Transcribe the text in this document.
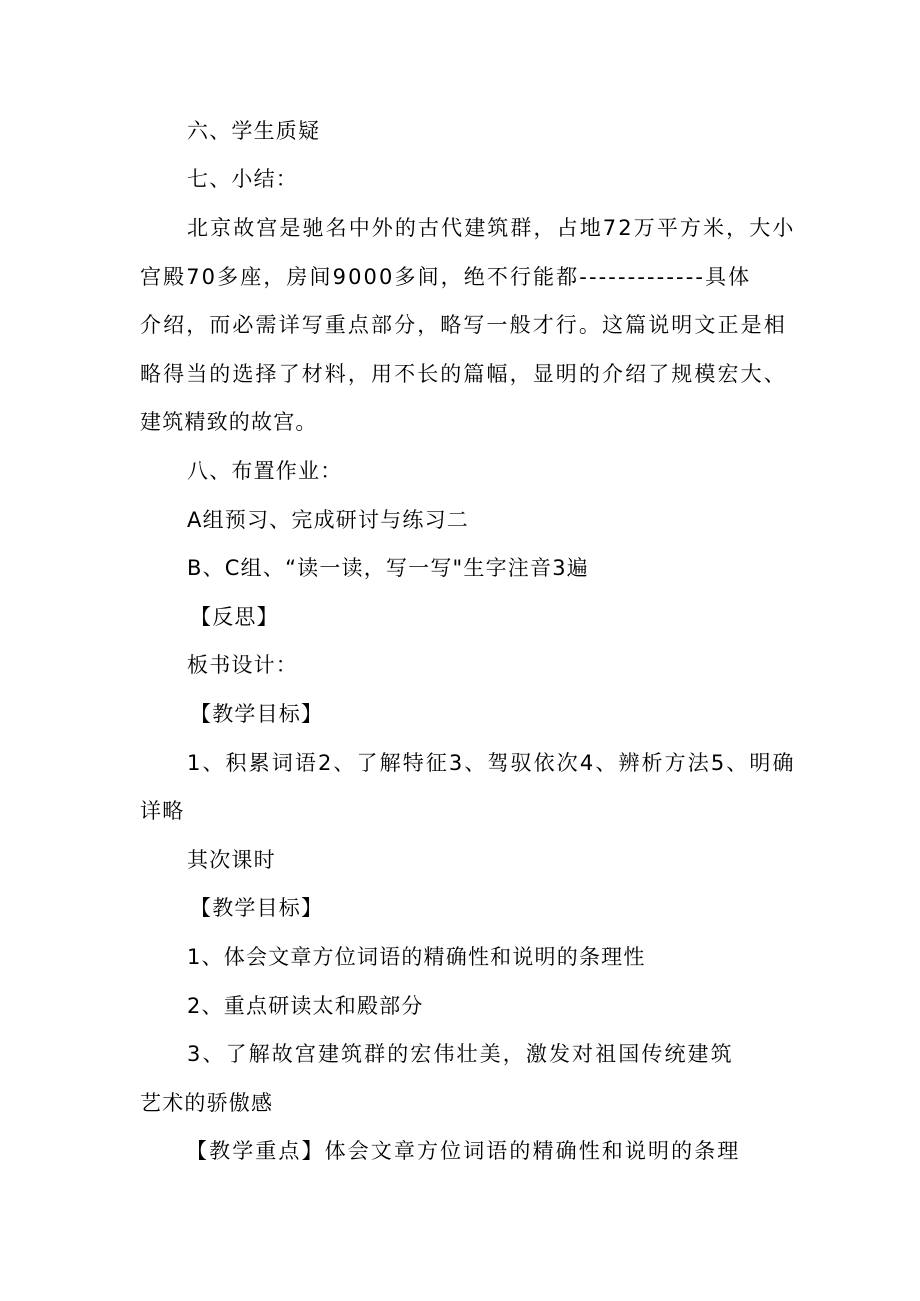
六、学生质疑
七、小结：
北京故宫是驰名中外的古代建筑群，占地72万平方米，大小
宫殿70多座，房间9000多间，绝不行能都-------------具体
介绍，而必需详写重点部分，略写一般才行。这篇说明文正是相
略得当的选择了材料，用不长的篇幅，显明的介绍了规模宏大、
建筑精致的故宫。
八、布置作业：
A组预习、完成研讨与练习二
B、C组、“读一读，写一写"生字注音3遍
【反思】
板书设计：
【教学目标】
1、积累词语2、了解特征3、驾驭依次4、辨析方法5、明确
详略
其次课时
【教学目标】
1、体会文章方位词语的精确性和说明的条理性
2、重点研读太和殿部分
3、了解故宫建筑群的宏伟壮美，激发对祖国传统建筑
艺术的骄傲感
【教学重点】体会文章方位词语的精确性和说明的条理
